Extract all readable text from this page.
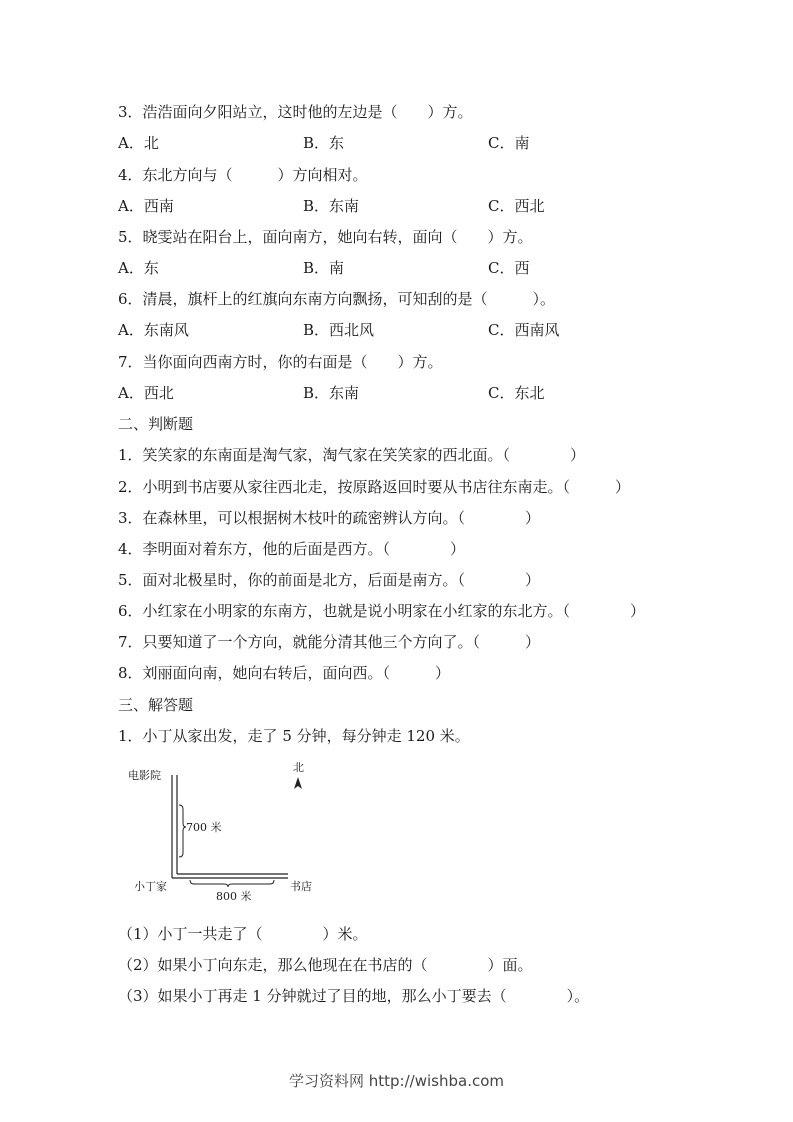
3．浩浩面向夕阳站立，这时他的左边是（　　）方。
A．北	B．东	C．南
4．东北方向与（　　　）方向相对。
A．西南	B．东南	C．西北
5．晓雯站在阳台上，面向南方，她向右转，面向（　　）方。
A．东	B．南	C．西
6．清晨，旗杆上的红旗向东南方向飘扬，可知刮的是（　　　）。
A．东南风	B．西北风	C．西南风
7．当你面向西南方时，你的右面是（　　）方。
A．西北	B．东南	C．东北
二、判断题
1．笑笑家的东南面是淘气家，淘气家在笑笑家的西北面。（　　　　）
2．小明到书店要从家往西北走，按原路返回时要从书店往东南走。（　　　）
3．在森林里，可以根据树木枝叶的疏密辨认方向。（　　　　）
4．李明面对着东方，他的后面是西方。（　　　　）
5．面对北极星时，你的前面是北方，后面是南方。（　　　　）
6．小红家在小明家的东南方，也就是说小明家在小红家的东北方。（　　　　）
7．只要知道了一个方向，就能分清其他三个方向了。（　　　）
8．刘丽面向南，她向右转后，面向西。（　　　）
三、解答题
1．小丁从家出发，走了 5 分钟，每分钟走 120 米。
北
电影院
700 米
小丁家
800 米
书店
（1）小丁一共走了（　　　　）米。
（2）如果小丁向东走，那么他现在在书店的（　　　　）面。
（3）如果小丁再走 1 分钟就过了目的地，那么小丁要去（　　　　）。
学习资料网 http://wishba.com
